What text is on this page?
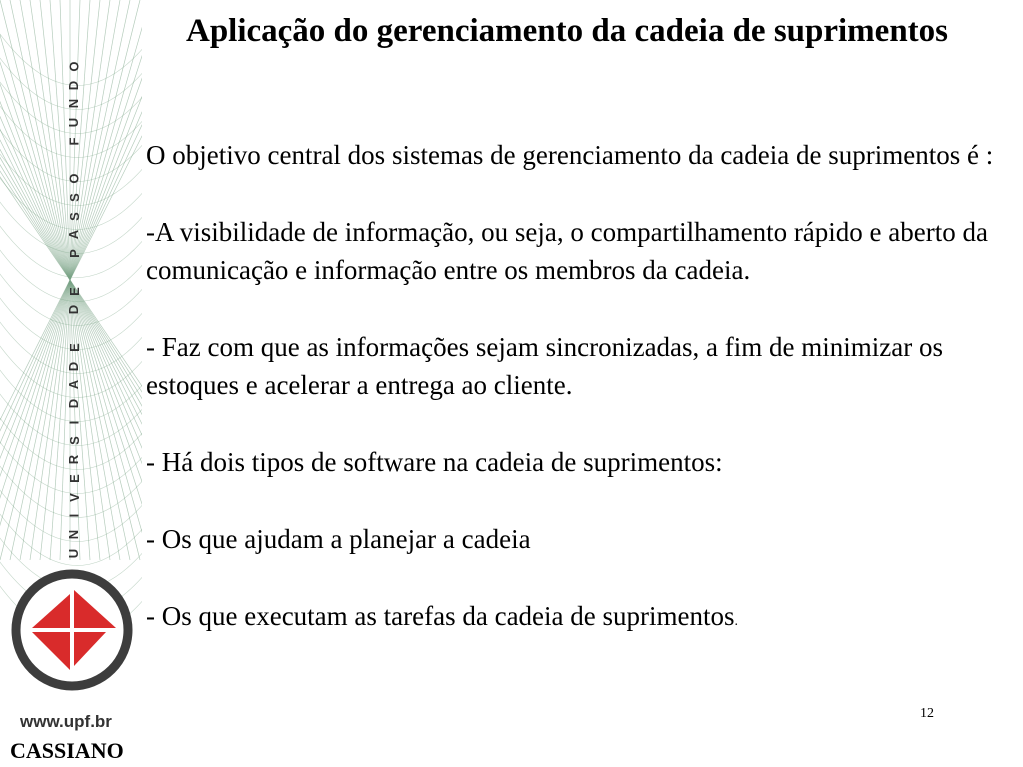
O
D
N
U
F

O
S
S
A
P

E
D

E
D
A
D
I
S
R
E
V
I
N
U
www.upf.br
CASSIANO
Aplicação do gerenciamento da cadeia de suprimentos

O objetivo central dos sistemas de gerenciamento da cadeia de suprimentos é :

-A visibilidade de informação, ou seja, o compartilhamento rápido e aberto da comunicação e informação entre os membros da cadeia.

- Faz com que as informações sejam sincronizadas, a fim de minimizar os estoques e acelerar a entrega ao cliente.

- Há dois tipos de software na cadeia de suprimentos:

- Os que ajudam a planejar a cadeia

- Os que executam as tarefas da cadeia de suprimentos.

12
